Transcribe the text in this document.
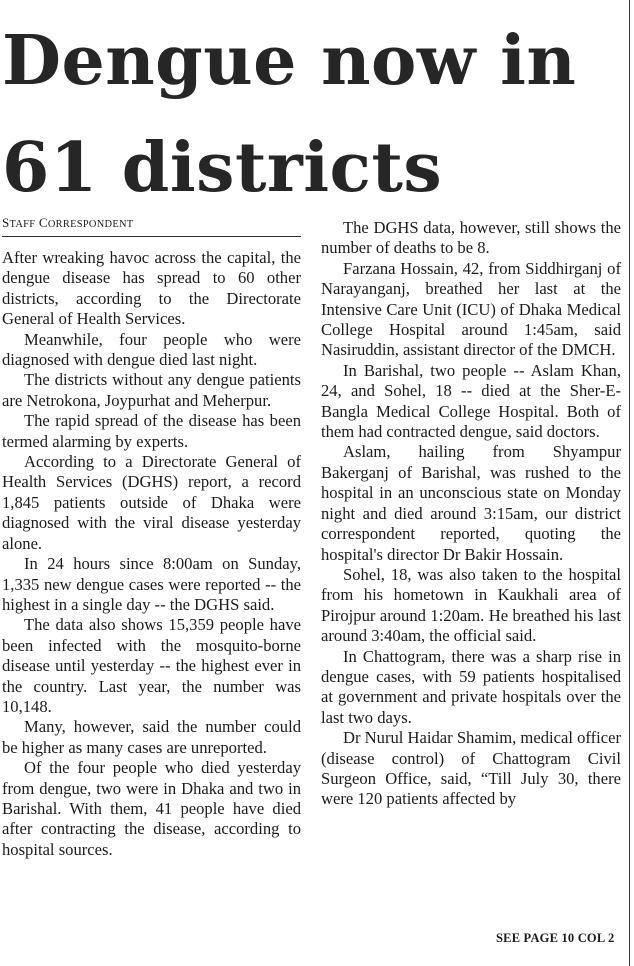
Dengue now in 61 districts
STAFF CORRESPONDENT

After wreaking havoc across the capital, the dengue disease has spread to 60 other districts, according to the Directorate General of Health Services.

Meanwhile, four people who were diagnosed with dengue died last night.

The districts without any dengue patients are Netrokona, Joypurhat and Meherpur.

The rapid spread of the disease has been termed alarming by experts.

According to a Directorate General of Health Services (DGHS) report, a record 1,845 patients outside of Dhaka were diagnosed with the viral disease yesterday alone.

In 24 hours since 8:00am on Sunday, 1,335 new dengue cases were reported -- the highest in a single day -- the DGHS said.

The data also shows 15,359 people have been infected with the mosquito-borne disease until yesterday -- the highest ever in the country. Last year, the number was 10,148.

Many, however, said the number could be higher as many cases are unreported.

Of the four people who died yesterday from dengue, two were in Dhaka and two in Barishal. With them, 41 people have died after contracting the disease, according to hospital sources.

The DGHS data, however, still shows the number of deaths to be 8.

Farzana Hossain, 42, from Siddhirganj of Narayanganj, breathed her last at the Intensive Care Unit (ICU) of Dhaka Medical College Hospital around 1:45am, said Nasiruddin, assistant director of the DMCH.

In Barishal, two people -- Aslam Khan, 24, and Sohel, 18 -- died at the Sher-E-Bangla Medical College Hospital. Both of them had contracted dengue, said doctors.

Aslam, hailing from Shyampur Bakerganj of Barishal, was rushed to the hospital in an unconscious state on Monday night and died around 3:15am, our district correspondent reported, quoting the hospital's director Dr Bakir Hossain.

Sohel, 18, was also taken to the hospital from his hometown in Kaukhali area of Pirojpur around 1:20am. He breathed his last around 3:40am, the official said.

In Chattogram, there was a sharp rise in dengue cases, with 59 patients hospitalised at government and private hospitals over the last two days.

Dr Nurul Haidar Shamim, medical officer (disease control) of Chattogram Civil Surgeon Office, said, “Till July 30, there were 120 patients affected by

SEE PAGE 10 COL 2
